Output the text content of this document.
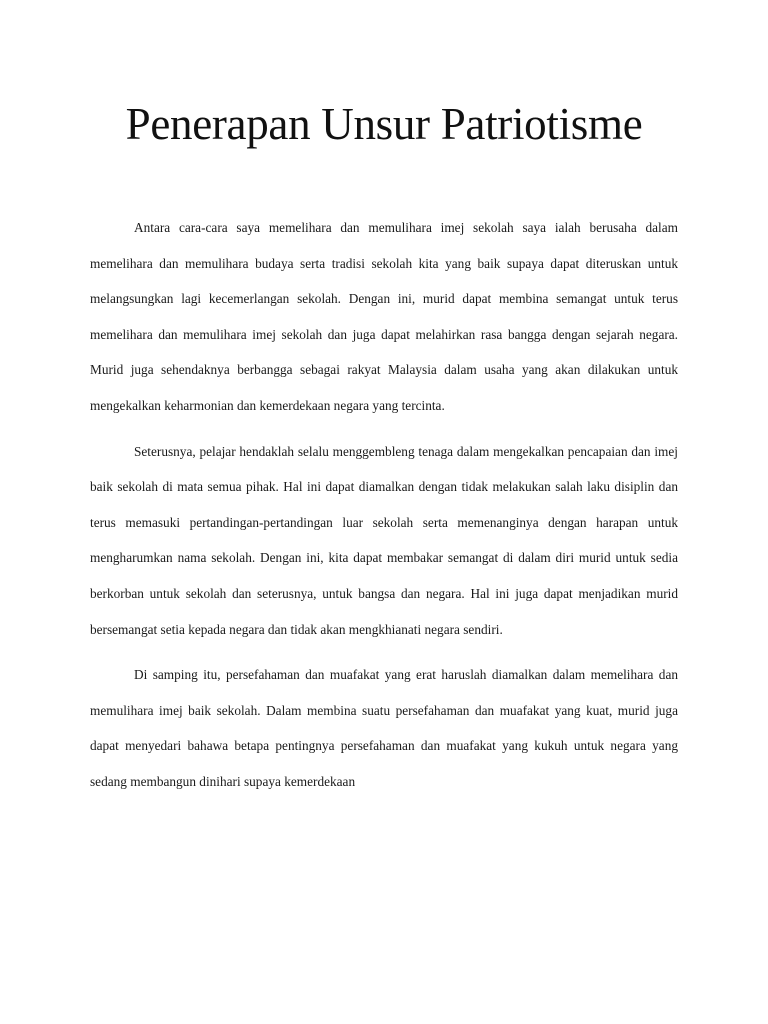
Penerapan Unsur Patriotisme

Antara cara-cara saya memelihara dan memulihara imej sekolah saya ialah berusaha dalam memelihara dan memulihara budaya serta tradisi sekolah kita yang baik supaya dapat diteruskan untuk melangsungkan lagi kecemerlangan sekolah. Dengan ini, murid dapat membina semangat untuk terus memelihara dan memulihara imej sekolah dan juga dapat melahirkan rasa bangga dengan sejarah negara. Murid juga sehendaknya berbangga sebagai rakyat Malaysia dalam usaha yang akan dilakukan untuk mengekalkan keharmonian dan kemerdekaan negara yang tercinta.

Seterusnya, pelajar hendaklah selalu menggembleng tenaga dalam mengekalkan pencapaian dan imej baik sekolah di mata semua pihak. Hal ini dapat diamalkan dengan tidak melakukan salah laku disiplin dan terus memasuki pertandingan-pertandingan luar sekolah serta memenanginya dengan harapan untuk mengharumkan nama sekolah. Dengan ini, kita dapat membakar semangat di dalam diri murid untuk sedia berkorban untuk sekolah dan seterusnya, untuk bangsa dan negara. Hal ini juga dapat menjadikan murid bersemangat setia kepada negara dan tidak akan mengkhianati negara sendiri.

Di samping itu, persefahaman dan muafakat yang erat haruslah diamalkan dalam memelihara dan memulihara imej baik sekolah. Dalam membina suatu persefahaman dan muafakat yang kuat, murid juga dapat menyedari bahawa betapa pentingnya persefahaman dan muafakat yang kukuh untuk negara yang sedang membangun dinihari supaya kemerdekaan
